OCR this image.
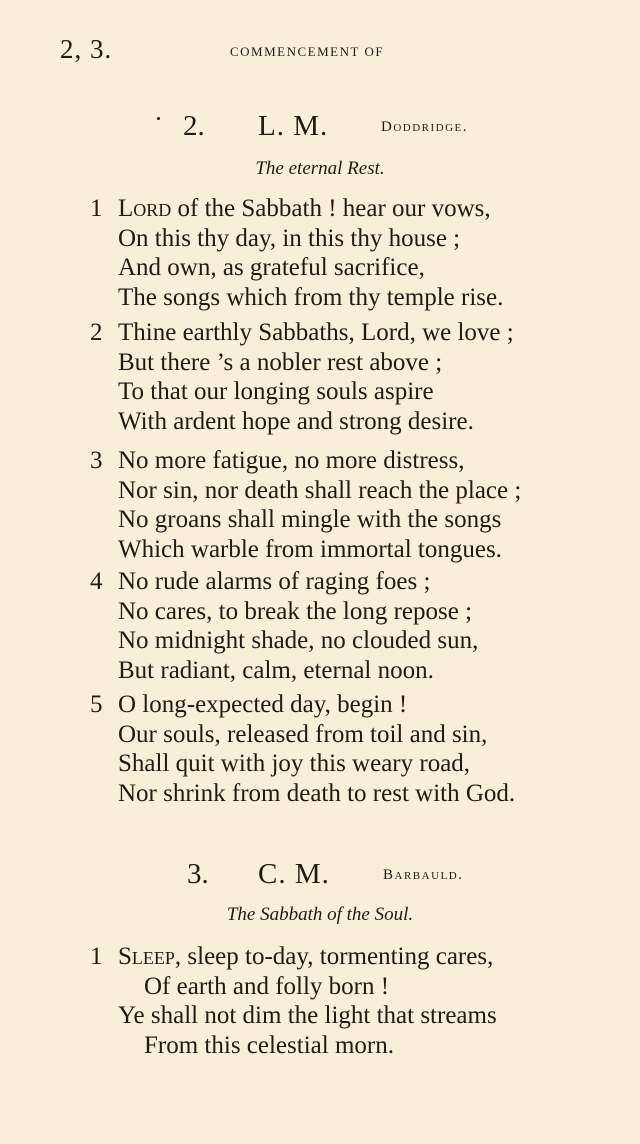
2, 3.	COMMENCEMENT OF
2. L. M.	Doddridge.
The eternal Rest.
1 Lord of the Sabbath ! hear our vows,
On this thy day, in this thy house ;
And own, as grateful sacrifice,
The songs which from thy temple rise.
2 Thine earthly Sabbaths, Lord, we love ;
But there ’s a nobler rest above ;
To that our longing souls aspire
With ardent hope and strong desire.
3 No more fatigue, no more distress,
Nor sin, nor death shall reach the place ;
No groans shall mingle with the songs
Which warble from immortal tongues.
4 No rude alarms of raging foes ;
No cares, to break the long repose ;
No midnight shade, no clouded sun,
But radiant, calm, eternal noon.
5 O long-expected day, begin !
Our souls, released from toil and sin,
Shall quit with joy this weary road,
Nor shrink from death to rest with God.
3. C. M.	Barbauld.
The Sabbath of the Soul.
1 Sleep, sleep to-day, tormenting cares,
Of earth and folly born !
Ye shall not dim the light that streams
From this celestial morn.
